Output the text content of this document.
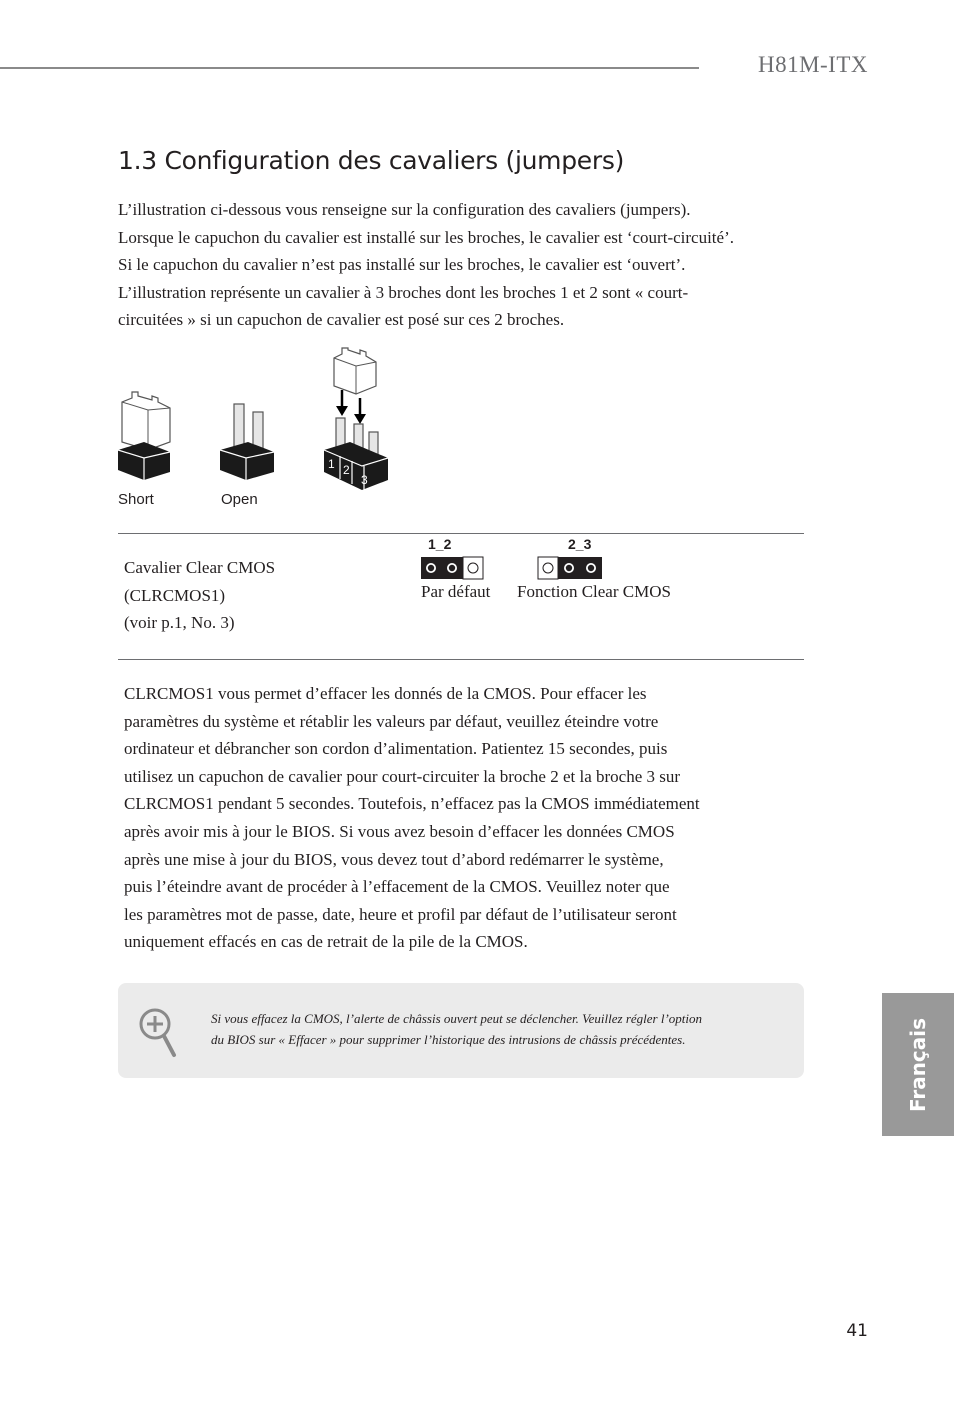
H81M-ITX
1.3 Configuration des cavaliers (jumpers)

L’illustration ci-dessous vous renseigne sur la configuration des cavaliers (jumpers).

Lorsque le capuchon du cavalier est installé sur les broches, le cavalier est ‘court-circuité’.

Si le capuchon du cavalier n’est pas installé sur les broches, le cavalier est ‘ouvert’.

L’illustration représente un cavalier à 3 broches dont les broches 1 et 2 sont « court-

circuitées » si un capuchon de cavalier est posé sur ces 2 broches.

Short	Open
1 2
3
Cavalier Clear CMOS
(CLRCMOS1)
(voir p.1, No. 3)
1_2
Par défaut
2_3
Fonction Clear CMOS

CLRCMOS1 vous permet d’effacer les donnés de la CMOS. Pour effacer les

paramètres du système et rétablir les valeurs par défaut, veuillez éteindre votre

ordinateur et débrancher son cordon d’alimentation. Patientez 15 secondes, puis

utilisez un capuchon de cavalier pour court-circuiter la broche 2 et la broche 3 sur

CLRCMOS1 pendant 5 secondes. Toutefois, n’effacez pas la CMOS immédiatement

après avoir mis à jour le BIOS. Si vous avez besoin d’effacer les données CMOS

après une mise à jour du BIOS, vous devez tout d’abord redémarrer le système,

puis l’éteindre avant de procéder à l’effacement de la CMOS. Veuillez noter que

les paramètres mot de passe, date, heure et profil par défaut de l’utilisateur seront

uniquement effacés en cas de retrait de la pile de la CMOS.

Si vous effacez la CMOS, l’alerte de châssis ouvert peut se déclencher. Veuillez régler l’option

du BIOS sur « Effacer » pour supprimer l’historique des intrusions de châssis précédentes.	Français
41
